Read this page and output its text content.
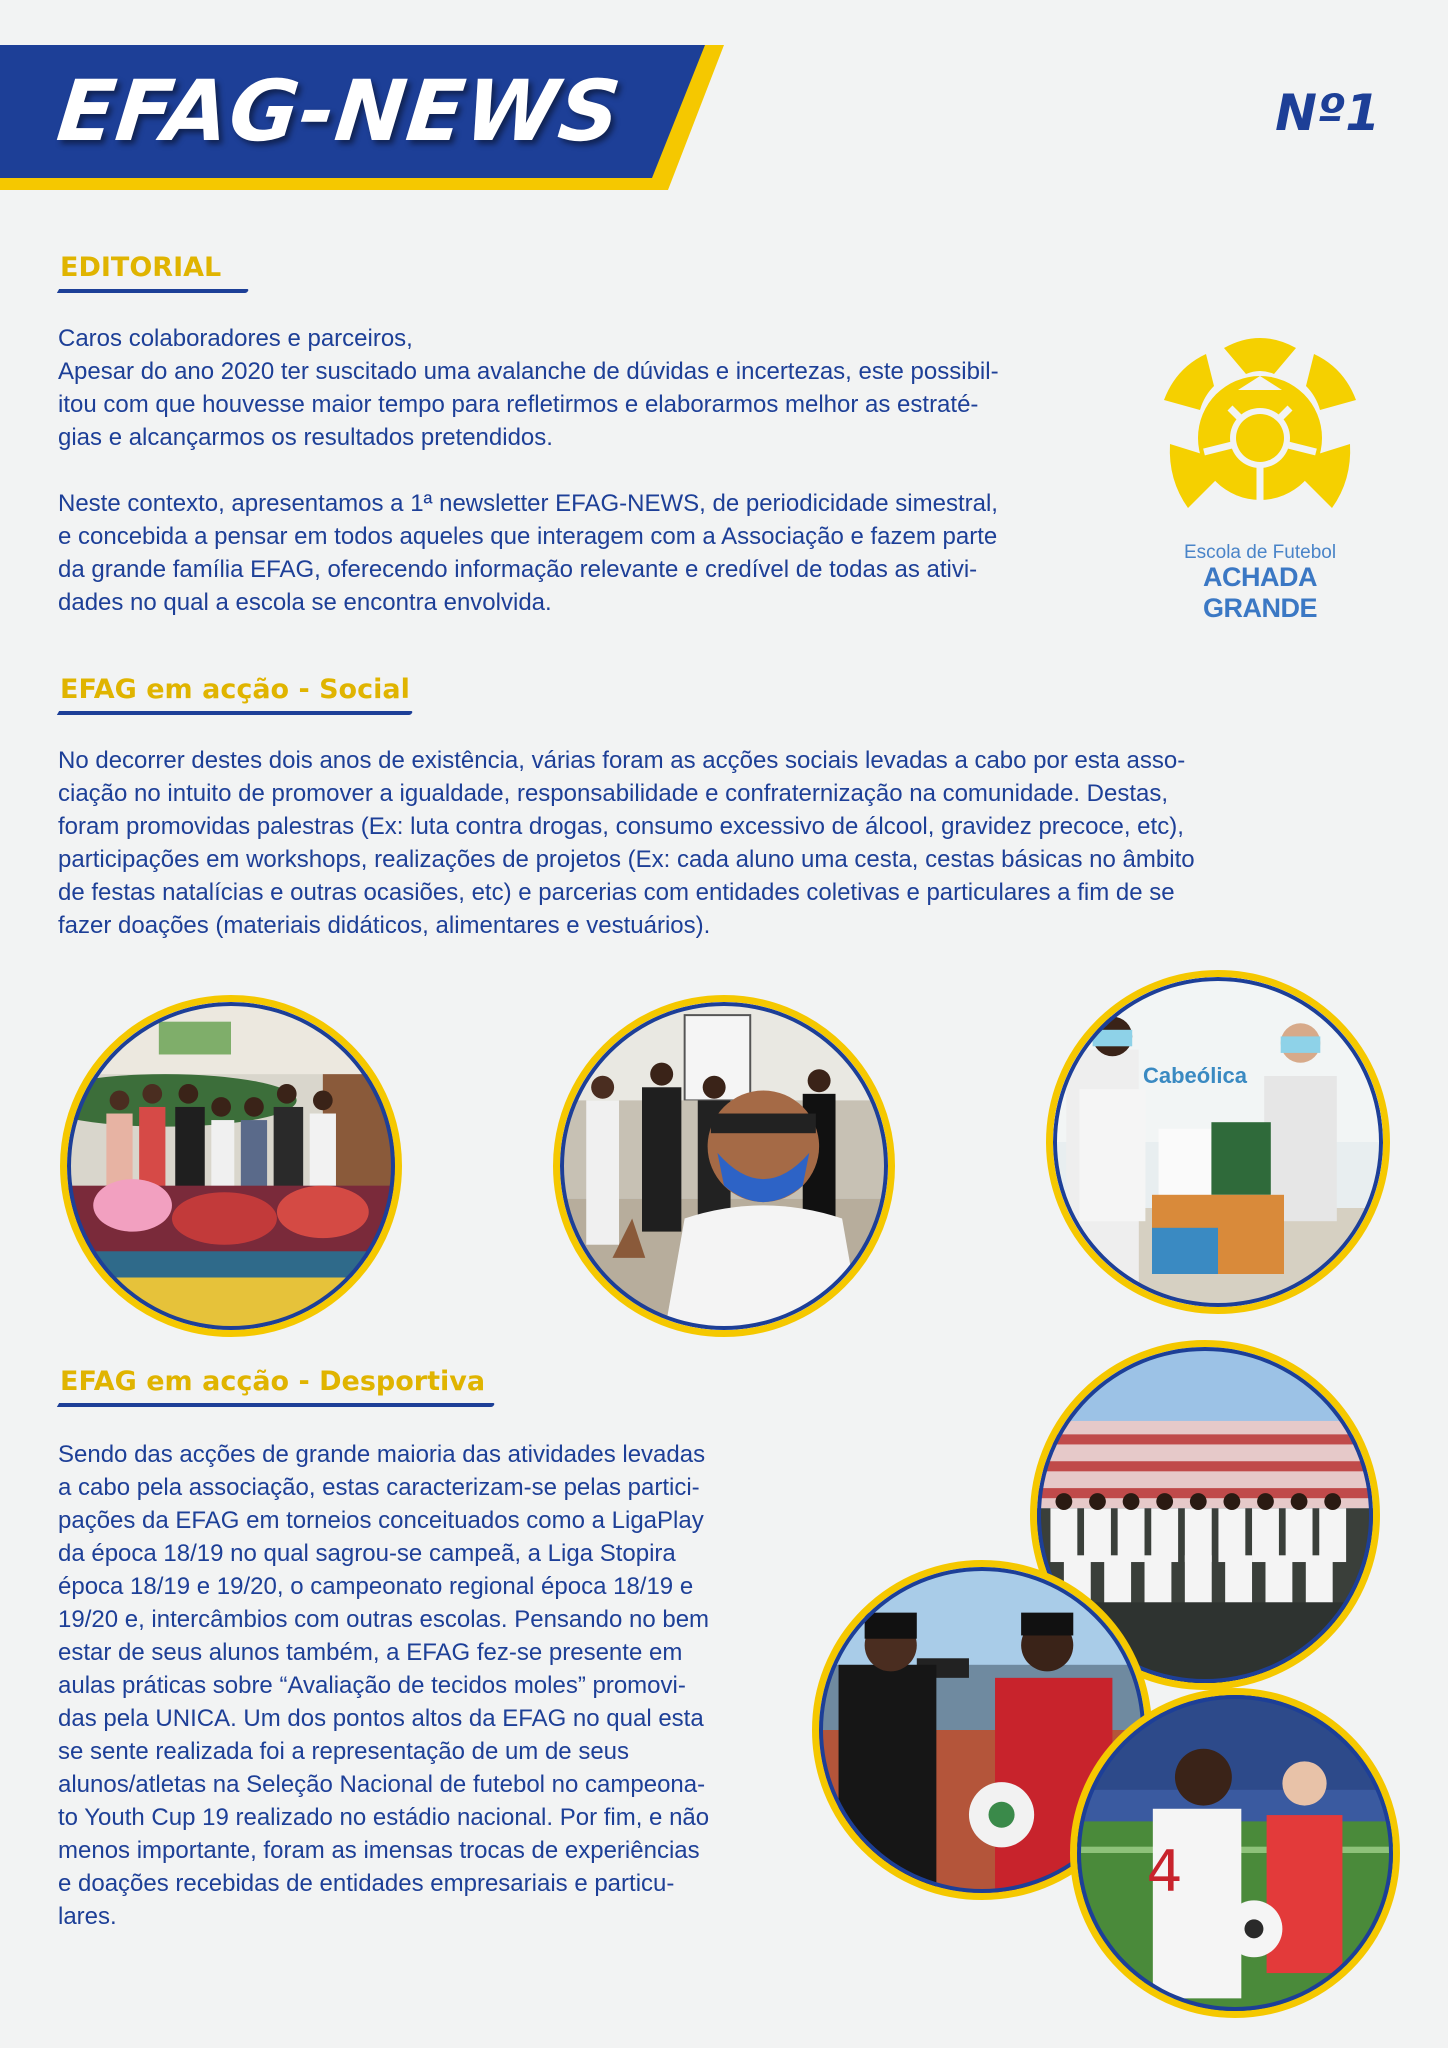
EFAG-NEWS	Nº1
EDITORIAL

Caros colaboradores e parceiros,

Apesar do ano 2020 ter suscitado uma avalanche de dúvidas e incertezas, este possibil-

itou com que houvesse maior tempo para refletirmos e elaborarmos melhor as estraté-

gias e alcançarmos os resultados pretendidos.

Neste contexto, apresentamos a 1ª newsletter EFAG-NEWS, de periodicidade simestral,

e concebida a pensar em todos aqueles que interagem com a Associação e fazem parte

da grande família EFAG, oferecendo informação relevante e credível de todas as ativi-

dades no qual a escola se encontra envolvida.

Escola de Futebol
ACHADA GRANDE
EFAG em acção - Social

No decorrer destes dois anos de existência, várias foram as acções sociais levadas a cabo por esta asso-

ciação no intuito de promover a igualdade, responsabilidade e confraternização na comunidade. Destas,

foram promovidas palestras (Ex: luta contra drogas, consumo excessivo de álcool, gravidez precoce, etc),

participações em workshops, realizações de projetos (Ex: cada aluno uma cesta, cestas básicas no âmbito

de festas natalícias e outras ocasiões, etc) e parcerias com entidades coletivas e particulares a fim de se

fazer doações (materiais didáticos, alimentares e vestuários).

Cabeólica
EFAG em acção - Desportiva

Sendo das acções de grande maioria das atividades levadas

a cabo pela associação, estas caracterizam-se pelas partici-

pações da EFAG em torneios conceituados como a LigaPlay

da época 18/19 no qual sagrou-se campeã, a Liga Stopira

época 18/19 e 19/20, o campeonato regional época 18/19 e

19/20 e, intercâmbios com outras escolas. Pensando no bem

estar de seus alunos também, a EFAG fez-se presente em

aulas práticas sobre “Avaliação de tecidos moles” promovi-

das pela UNICA. Um dos pontos altos da EFAG no qual esta

se sente realizada foi a representação de um de seus

alunos/atletas na Seleção Nacional de futebol no campeona-

to Youth Cup 19 realizado no estádio nacional. Por fim, e não

menos importante, foram as imensas trocas de experiências

e doações recebidas de entidades empresariais e particu-

lares.

4
